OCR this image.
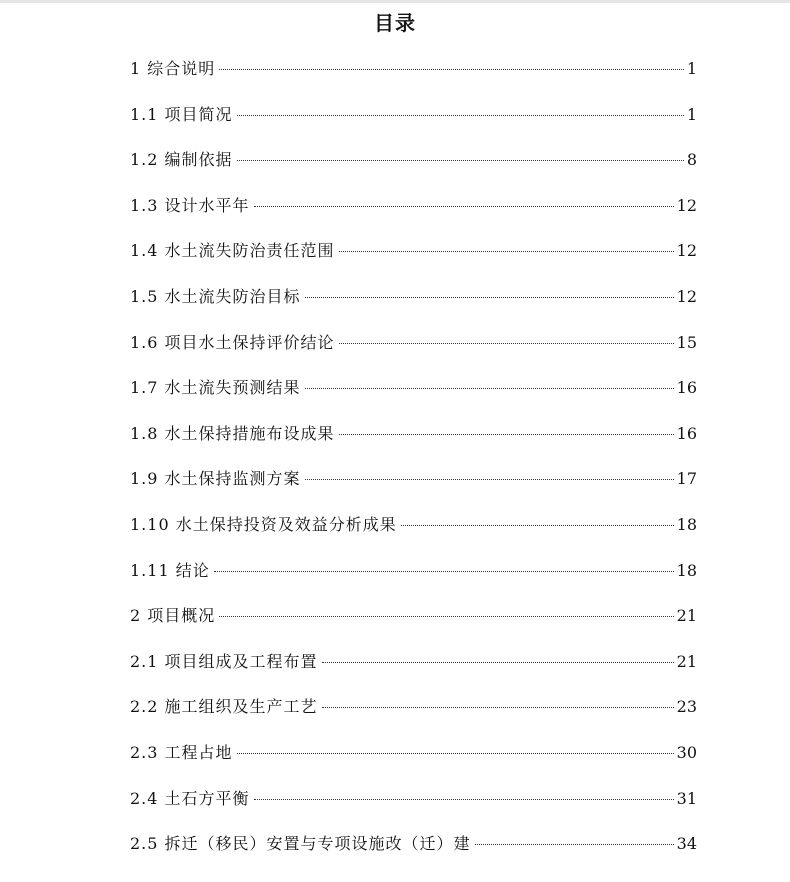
目录
1 综合说明	1
1.1 项目简况	1
1.2 编制依据	8
1.3 设计水平年	12
1.4 水土流失防治责任范围	12
1.5 水土流失防治目标	12
1.6 项目水土保持评价结论	15
1.7 水土流失预测结果	16
1.8 水土保持措施布设成果	16
1.9 水土保持监测方案	17
1.10 水土保持投资及效益分析成果	18
1.11 结论	18
2 项目概况	21
2.1 项目组成及工程布置	21
2.2 施工组织及生产工艺	23
2.3 工程占地	30
2.4 土石方平衡	31
2.5 拆迁（移民）安置与专项设施改（迁）建	34
